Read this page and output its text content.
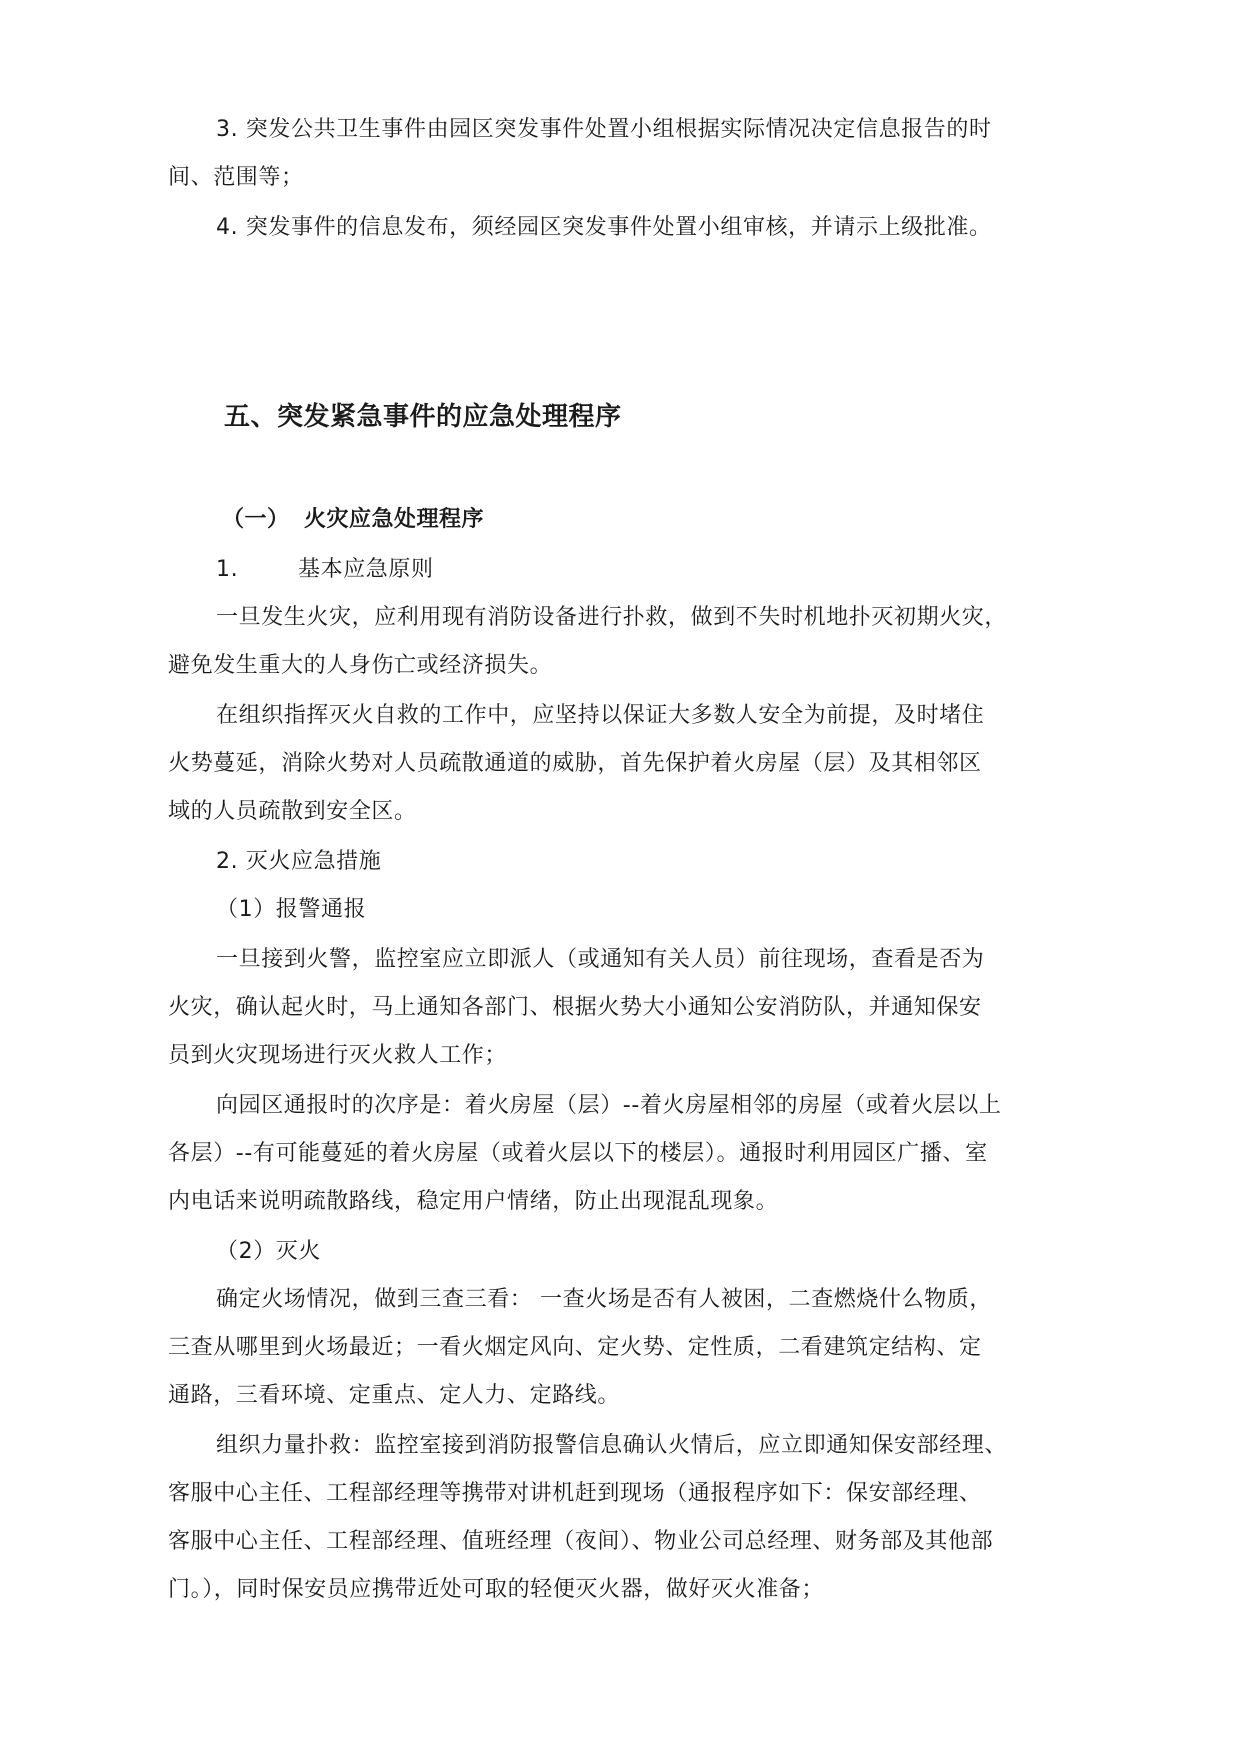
3. 突发公共卫生事件由园区突发事件处置小组根据实际情况决定信息报告的时
间、范围等；
4. 突发事件的信息发布，须经园区突发事件处置小组审核，并请示上级批准。
五、突发紧急事件的应急处理程序
（一） 火灾应急处理程序
1.	基本应急原则
一旦发生火灾，应利用现有消防设备进行扑救，做到不失时机地扑灭初期火灾，
避免发生重大的人身伤亡或经济损失。
在组织指挥灭火自救的工作中，应坚持以保证大多数人安全为前提，及时堵住
火势蔓延，消除火势对人员疏散通道的威胁，首先保护着火房屋（层）及其相邻区
域的人员疏散到安全区。
2. 灭火应急措施
（1）报警通报
一旦接到火警，监控室应立即派人（或通知有关人员）前往现场，查看是否为
火灾，确认起火时，马上通知各部门、根据火势大小通知公安消防队，并通知保安
员到火灾现场进行灭火救人工作；
向园区通报时的次序是：着火房屋（层）--着火房屋相邻的房屋（或着火层以上
各层）--有可能蔓延的着火房屋（或着火层以下的楼层）。通报时利用园区广播、室
内电话来说明疏散路线，稳定用户情绪，防止出现混乱现象。
（2）灭火
确定火场情况，做到三查三看： 一查火场是否有人被困，二查燃烧什么物质，
三查从哪里到火场最近；一看火烟定风向、定火势、定性质，二看建筑定结构、定
通路，三看环境、定重点、定人力、定路线。
组织力量扑救：监控室接到消防报警信息确认火情后，应立即通知保安部经理、
客服中心主任、工程部经理等携带对讲机赶到现场（通报程序如下：保安部经理、
客服中心主任、工程部经理、值班经理（夜间）、物业公司总经理、财务部及其他部
门。），同时保安员应携带近处可取的轻便灭火器，做好灭火准备；
